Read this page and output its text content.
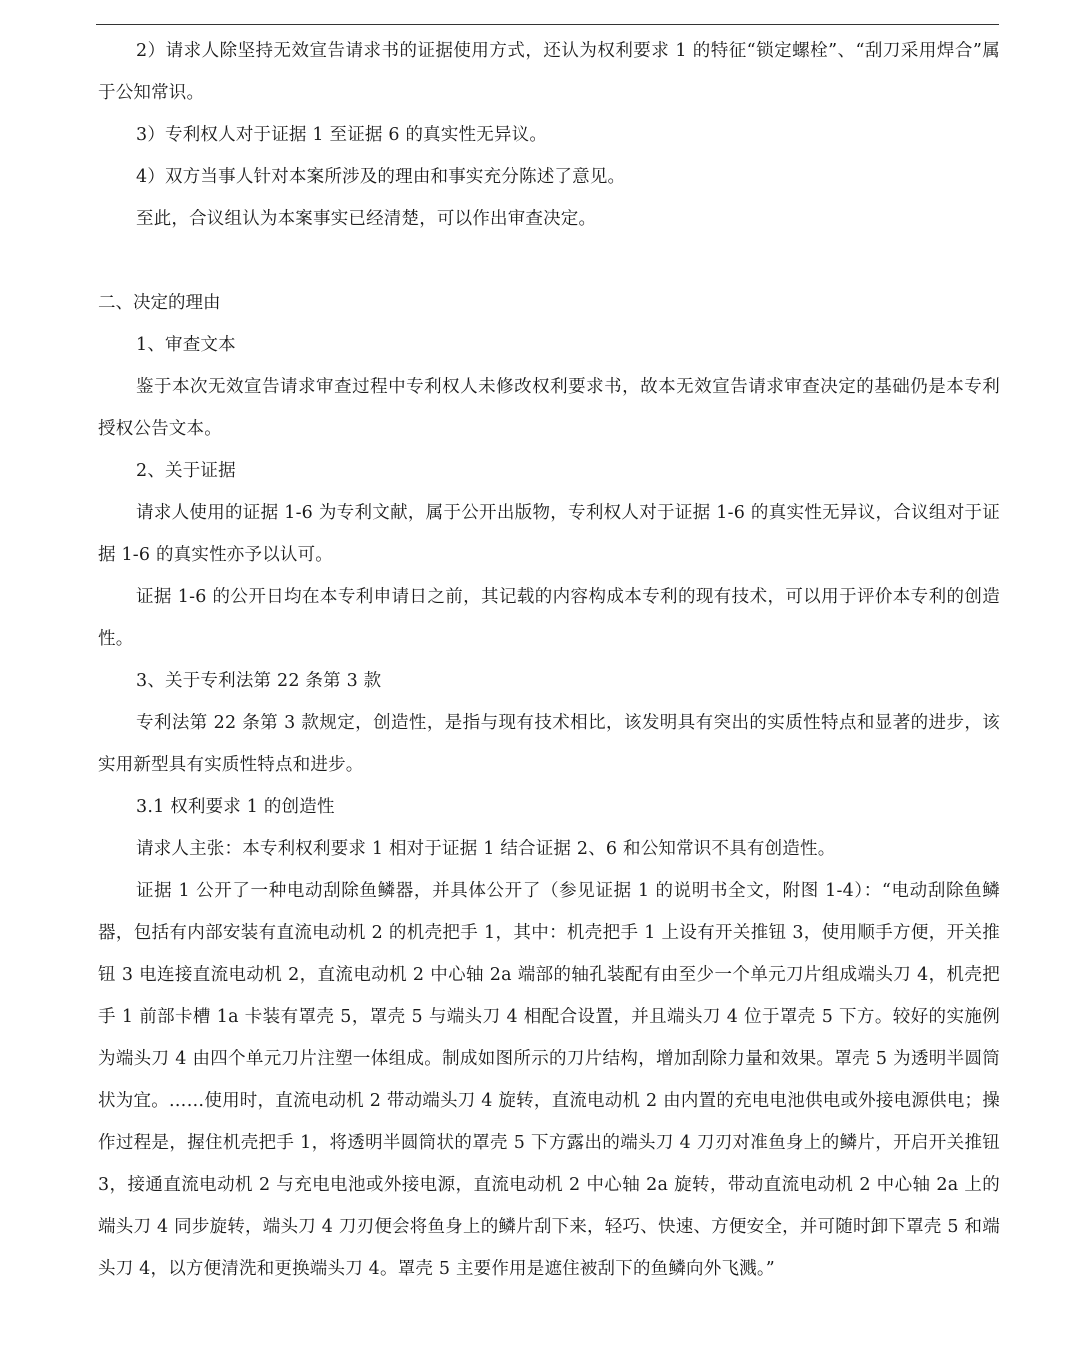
2）请求人除坚持无效宣告请求书的证据使用方式，还认为权利要求 1 的特征“锁定螺栓”、“刮刀采用焊合”属于公知常识。

3）专利权人对于证据 1 至证据 6 的真实性无异议。

4）双方当事人针对本案所涉及的理由和事实充分陈述了意见。

至此，合议组认为本案事实已经清楚，可以作出审查决定。

二、决定的理由

1、审查文本

鉴于本次无效宣告请求审查过程中专利权人未修改权利要求书，故本无效宣告请求审查决定的基础仍是本专利授权公告文本。

2、关于证据

请求人使用的证据 1-6 为专利文献，属于公开出版物，专利权人对于证据 1-6 的真实性无异议，合议组对于证据 1-6 的真实性亦予以认可。

证据 1-6 的公开日均在本专利申请日之前，其记载的内容构成本专利的现有技术，可以用于评价本专利的创造性。

3、关于专利法第 22 条第 3 款

专利法第 22 条第 3 款规定，创造性，是指与现有技术相比，该发明具有突出的实质性特点和显著的进步，该实用新型具有实质性特点和进步。

3.1 权利要求 1 的创造性

请求人主张：本专利权利要求 1 相对于证据 1 结合证据 2、6 和公知常识不具有创造性。

证据 1 公开了一种电动刮除鱼鳞器，并具体公开了（参见证据 1 的说明书全文，附图 1-4）：“电动刮除鱼鳞器，包括有内部安装有直流电动机 2 的机壳把手 1，其中：机壳把手 1 上设有开关推钮 3，使用顺手方便，开关推钮 3 电连接直流电动机 2，直流电动机 2 中心轴 2a 端部的轴孔装配有由至少一个单元刀片组成端头刀 4，机壳把手 1 前部卡槽 1a 卡装有罩壳 5，罩壳 5 与端头刀 4 相配合设置，并且端头刀 4 位于罩壳 5 下方。较好的实施例为端头刀 4 由四个单元刀片注塑一体组成。制成如图所示的刀片结构，增加刮除力量和效果。罩壳 5 为透明半圆筒状为宜。……使用时，直流电动机 2 带动端头刀 4 旋转，直流电动机 2 由内置的充电电池供电或外接电源供电；操作过程是，握住机壳把手 1，将透明半圆筒状的罩壳 5 下方露出的端头刀 4 刀刃对准鱼身上的鳞片，开启开关推钮 3，接通直流电动机 2 与充电电池或外接电源，直流电动机 2 中心轴 2a 旋转，带动直流电动机 2 中心轴 2a 上的端头刀 4 同步旋转，端头刀 4 刀刃便会将鱼身上的鳞片刮下来，轻巧、快速、方便安全，并可随时卸下罩壳 5 和端头刀 4，以方便清洗和更换端头刀 4。罩壳 5 主要作用是遮住被刮下的鱼鳞向外飞溅。”
